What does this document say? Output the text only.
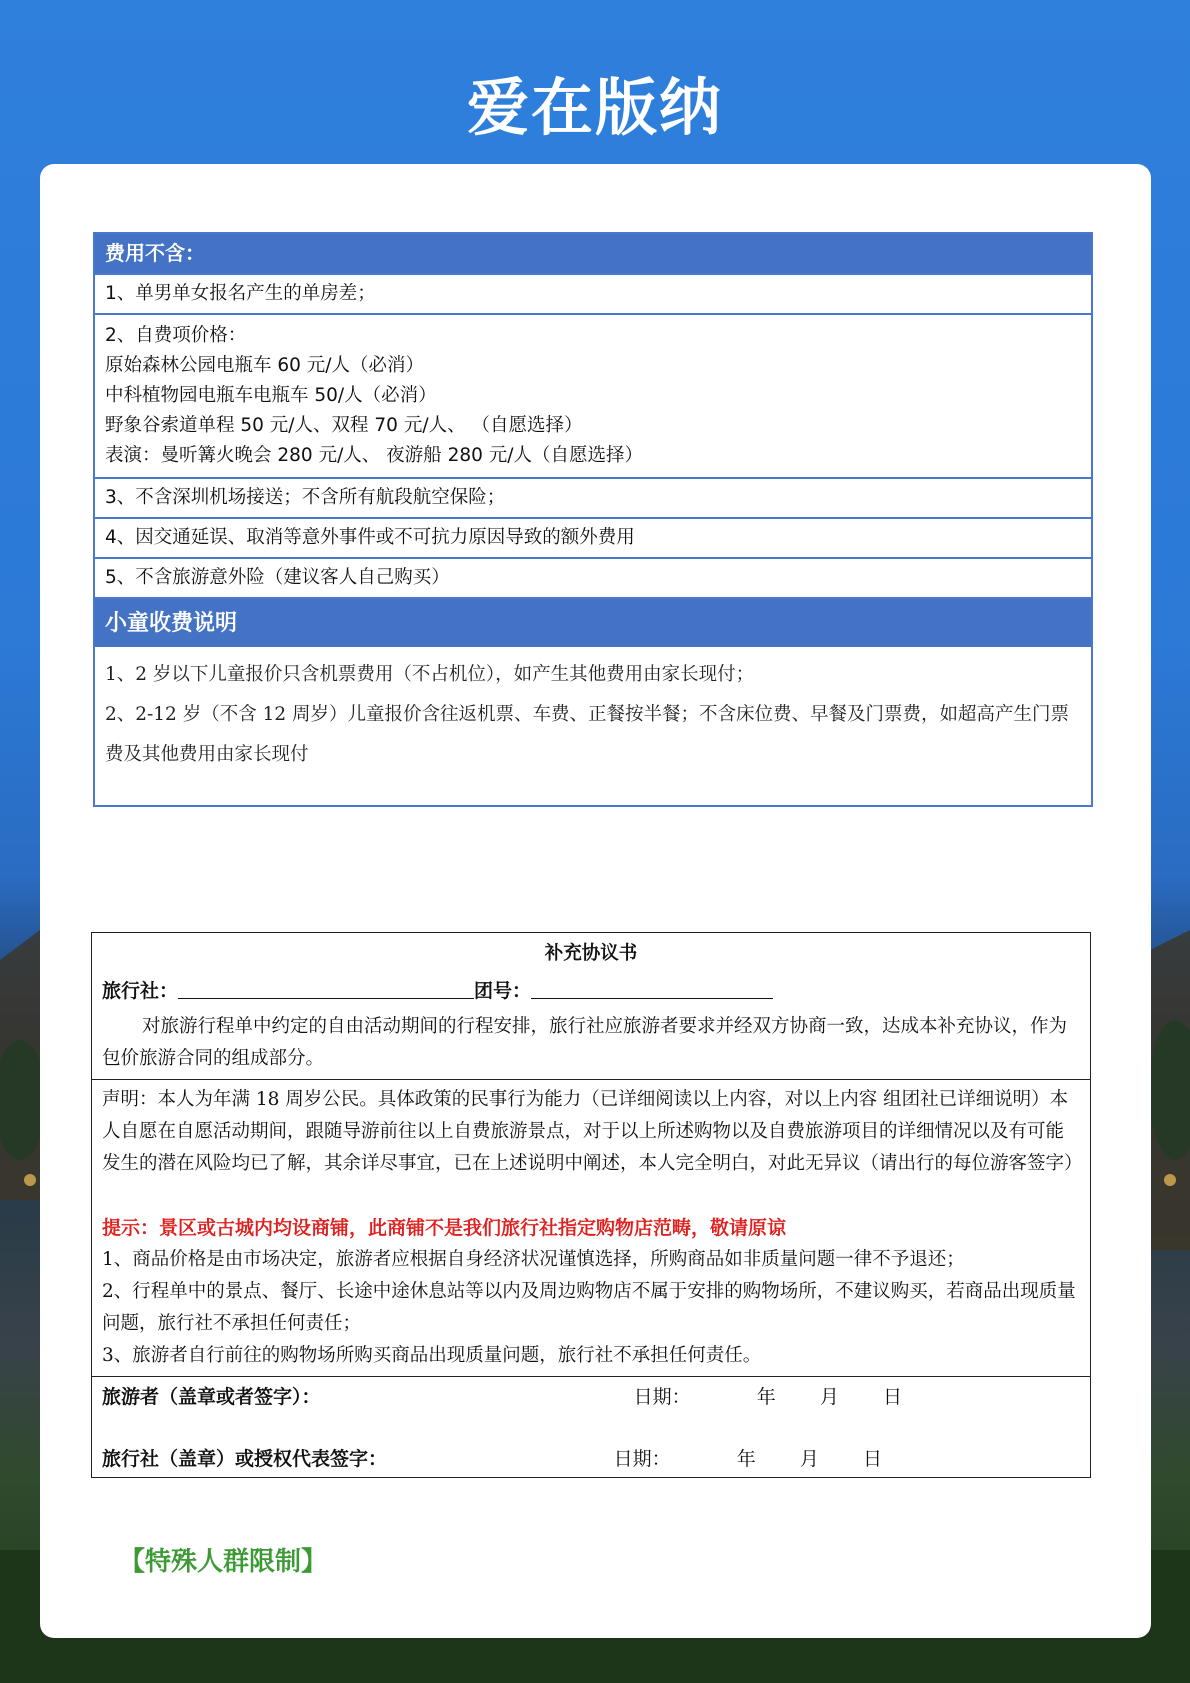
爱在版纳
费用不含：
1、单男单女报名产生的单房差；
2、自费项价格：
原始森林公园电瓶车 60 元/人（必消）
中科植物园电瓶车电瓶车 50/人（必消）
野象谷索道单程 50 元/人、双程 70 元/人、 （自愿选择）
表演：曼听篝火晚会 280 元/人、 夜游船 280 元/人（自愿选择）
3、不含深圳机场接送；不含所有航段航空保险；
4、因交通延误、取消等意外事件或不可抗力原因导致的额外费用
5、不含旅游意外险（建议客人自己购买）
小童收费说明
1、2 岁以下儿童报价只含机票费用（不占机位），如产生其他费用由家长现付；
2、2-12 岁（不含 12 周岁）儿童报价含往返机票、车费、正餐按半餐；不含床位费、早餐及门票费，如超高产生门票费及其他费用由家长现付
补充协议书
旅行社：	团号：

对旅游行程单中约定的自由活动期间的行程安排，旅行社应旅游者要求并经双方协商一致，达成本补充协议，作为包价旅游合同的组成部分。

声明：本人为年满 18 周岁公民。具体政策的民事行为能力（已详细阅读以上内容，对以上内容 组团社已详细说明）本人自愿在自愿活动期间，跟随导游前往以上自费旅游景点，对于以上所述购物以及自费旅游项目的详细情况以及有可能发生的潜在风险均已了解，其余详尽事宜，已在上述说明中阐述，本人完全明白，对此无异议（请出行的每位游客签字）

提示：景区或古城内均设商铺，此商铺不是我们旅行社指定购物店范畴，敬请原谅

1、商品价格是由市场决定，旅游者应根据自身经济状况谨慎选择，所购商品如非质量问题一律不予退还；

2、行程单中的景点、餐厅、长途中途休息站等以内及周边购物店不属于安排的购物场所，不建议购买，若商品出现质量问题，旅行社不承担任何责任；

3、旅游者自行前往的购物场所购买商品出现质量问题，旅行社不承担任何责任。

旅游者（盖章或者签字）：	日期：	年 月 日
旅行社（盖章）或授权代表签字：	日期：	年 月 日
【特殊人群限制】
